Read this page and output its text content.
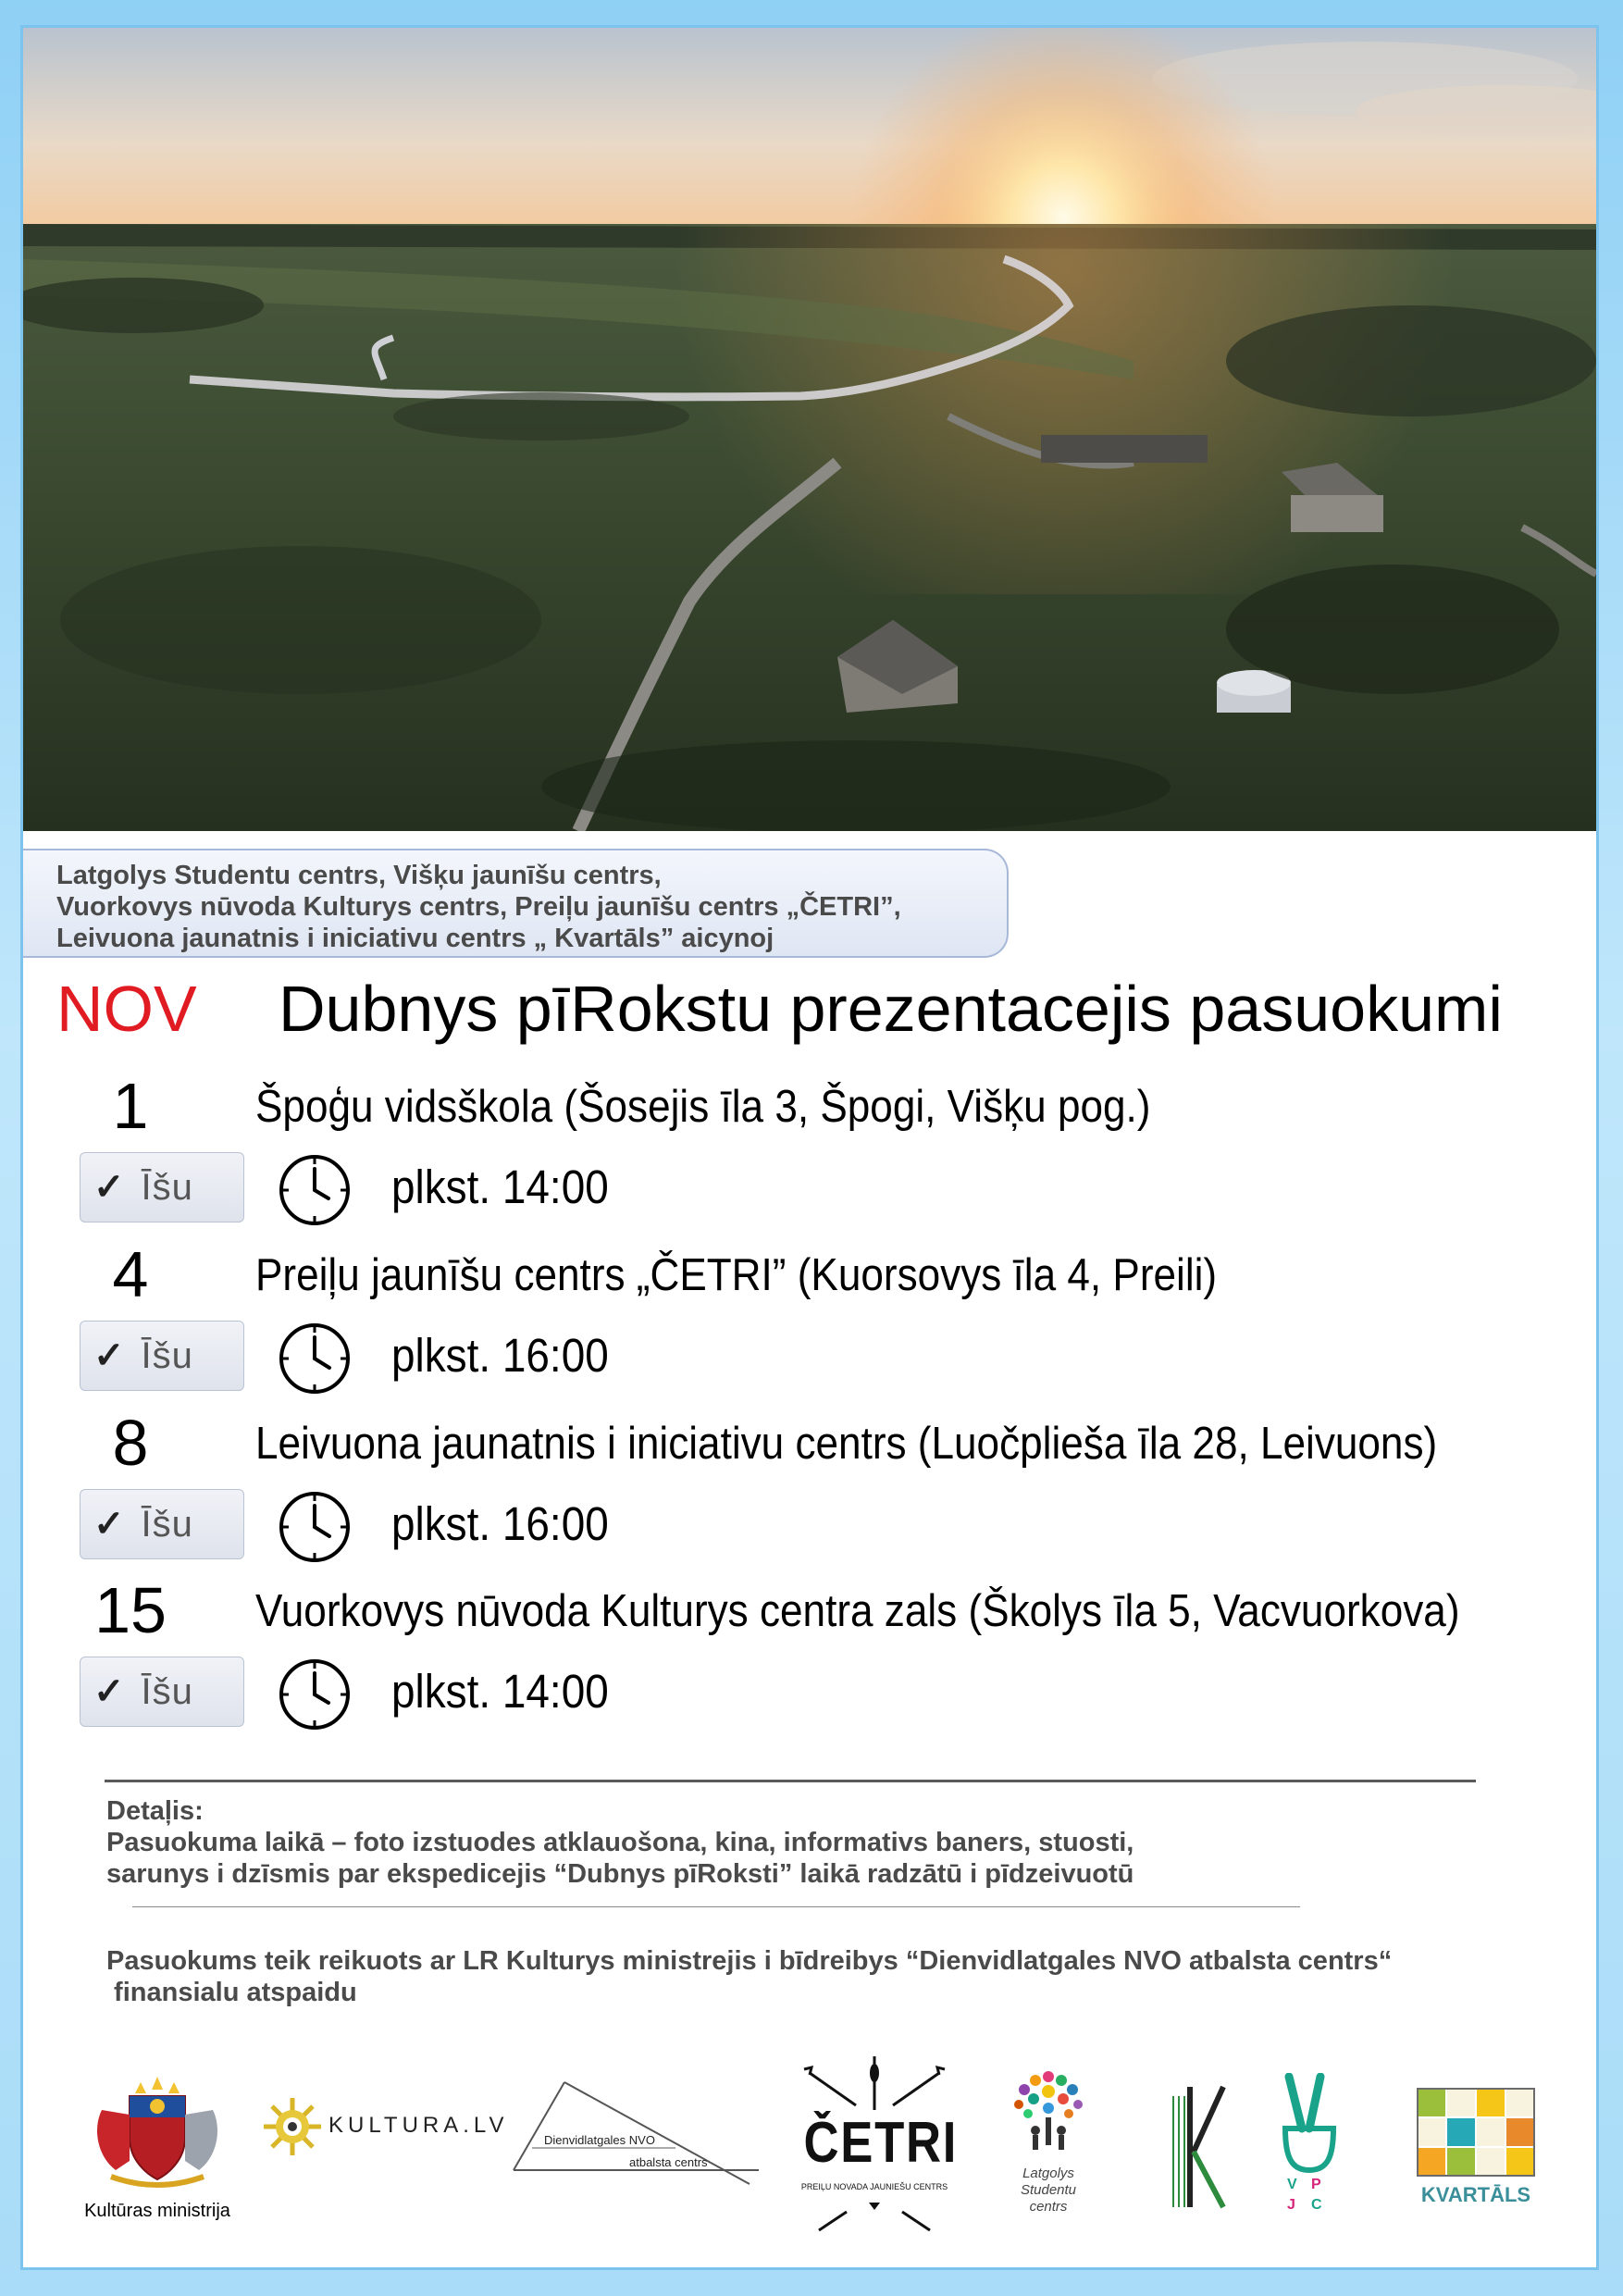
Latgolys Studentu centrs, Višķu jaunīšu centrs,
Vuorkovys nūvoda Kulturys centrs, Preiļu jaunīšu centrs „ČETRI”,
Leivuona jaunatnis i iniciativu centrs „ Kvartāls” aicynoj
NOV Dubnys pīRokstu prezentacejis pasuokumi
1	Špoģu vidsškola (Šosejis īla 3, Špogi, Višķu pog.)
✓ Īšu	plkst. 14:00
4	Preiļu jaunīšu centrs „ČETRI” (Kuorsovys īla 4, Preili)
✓ Īšu	plkst. 16:00
8	Leivuona jaunatnis i iniciativu centrs (Luočplieša īla 28, Leivuons)
✓ Īšu	plkst. 16:00
15	Vuorkovys nūvoda Kulturys centra zals (Školys īla 5, Vacvuorkova)
✓ Īšu	plkst. 14:00
Detaļis:
Pasuokuma laikā – foto izstuodes atklauošona, kina, informativs baners, stuosti,
sarunys i dzīsmis par ekspedicejis “Dubnys pīRoksti” laikā radzātū i pīdzeivuotū
Pasuokums teik reikuots ar LR Kulturys ministrejis i bīdreibys “Dienvidlatgales NVO atbalsta centrs“
finansialu atspaidu
Kultūras ministrija
KULTURA.LV
Dienvidlatgales NVO
atbalsta centrs ČETRI
PREIĻU NOVADA JAUNIEŠU CENTRS
Latgolys
Studentu
centrs
V P
J C	KVARTĀLS
